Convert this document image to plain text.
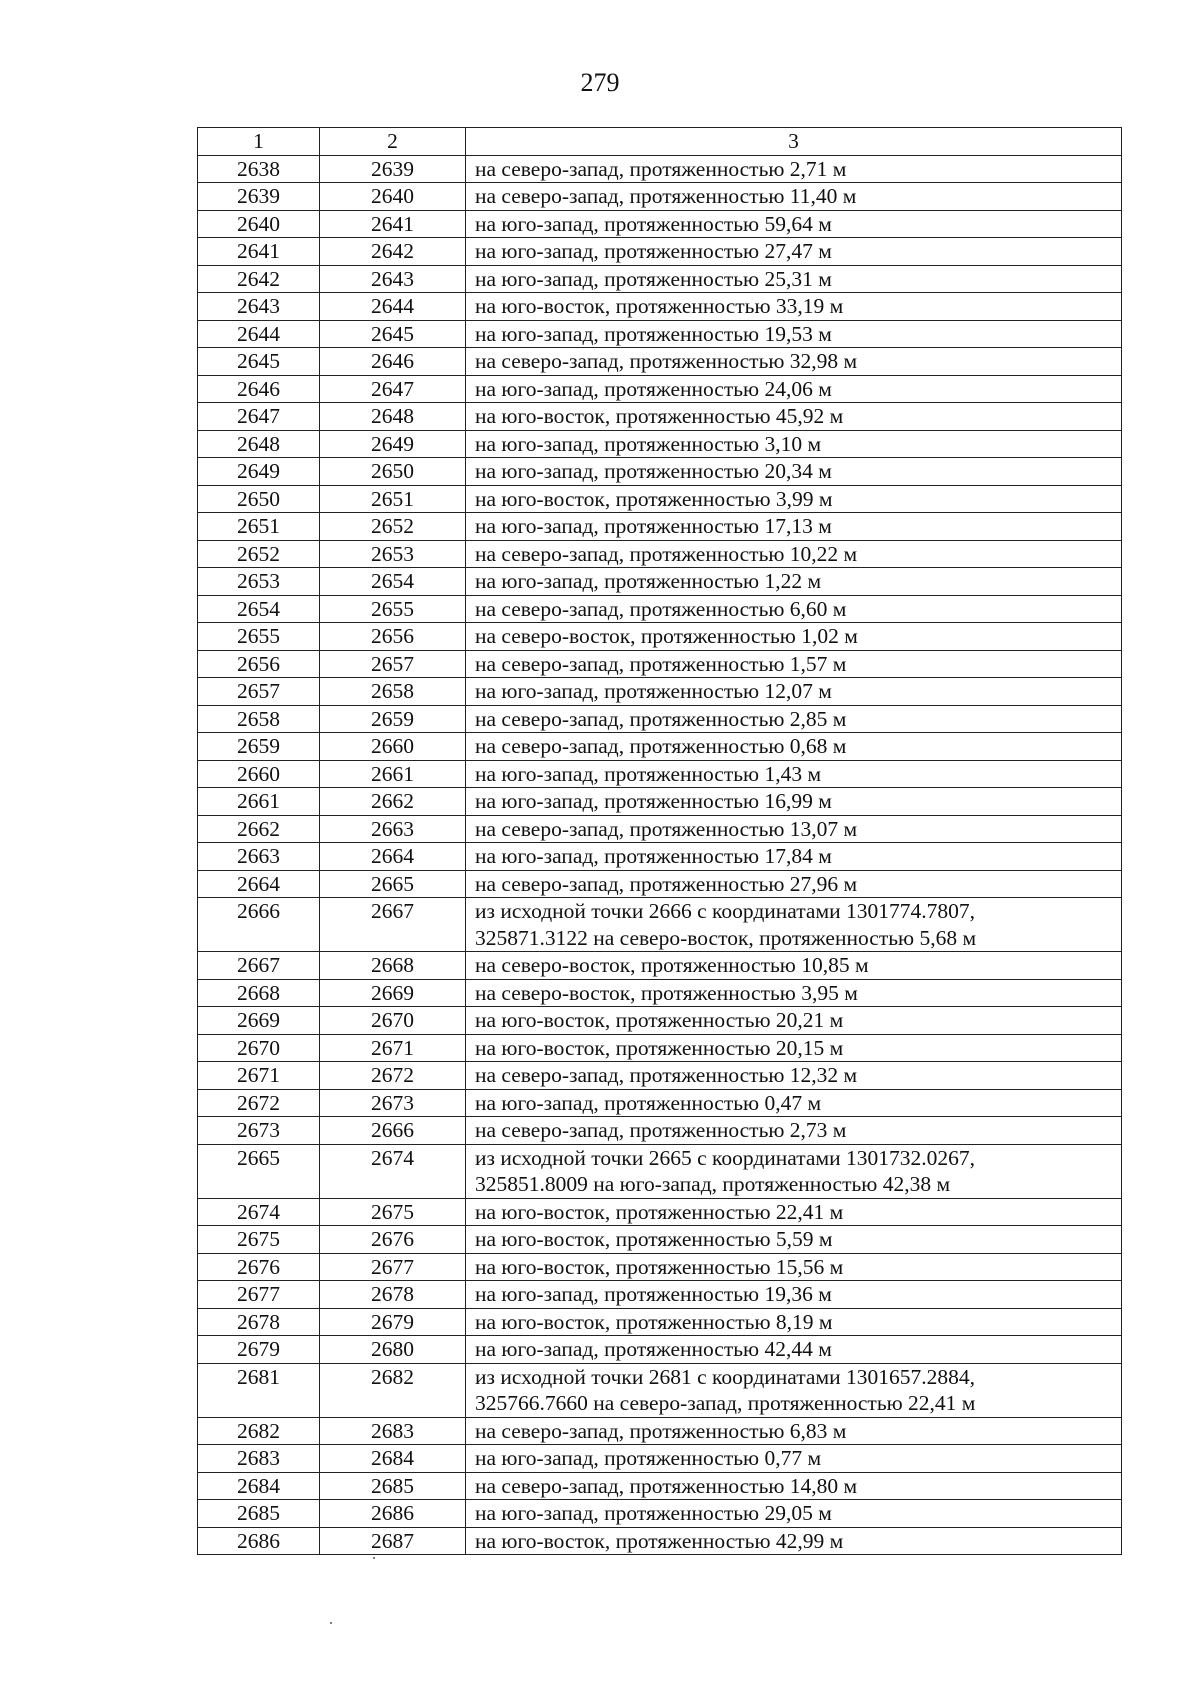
279
1	2	3
2638	2639	на северо-запад, протяженностью 2,71 м

2639	2640	на северо-запад, протяженностью 11,40 м

2640	2641	на юго-запад, протяженностью 59,64 м

2641	2642	на юго-запад, протяженностью 27,47 м

2642	2643	на юго-запад, протяженностью 25,31 м

2643	2644	на юго-восток, протяженностью 33,19 м

2644	2645	на юго-запад, протяженностью 19,53 м

2645	2646	на северо-запад, протяженностью 32,98 м

2646	2647	на юго-запад, протяженностью 24,06 м

2647	2648	на юго-восток, протяженностью 45,92 м

2648	2649	на юго-запад, протяженностью 3,10 м

2649	2650	на юго-запад, протяженностью 20,34 м

2650	2651	на юго-восток, протяженностью 3,99 м

2651	2652	на юго-запад, протяженностью 17,13 м

2652	2653	на северо-запад, протяженностью 10,22 м

2653	2654	на юго-запад, протяженностью 1,22 м

2654	2655	на северо-запад, протяженностью 6,60 м

2655	2656	на северо-восток, протяженностью 1,02 м

2656	2657	на северо-запад, протяженностью 1,57 м

2657	2658	на юго-запад, протяженностью 12,07 м

2658	2659	на северо-запад, протяженностью 2,85 м

2659	2660	на северо-запад, протяженностью 0,68 м

2660	2661	на юго-запад, протяженностью 1,43 м

2661	2662	на юго-запад, протяженностью 16,99 м

2662	2663	на северо-запад, протяженностью 13,07 м

2663	2664	на юго-запад, протяженностью 17,84 м

2664	2665	на северо-запад, протяженностью 27,96 м

2666	2667	из исходной точки 2666 с координатами 1301774.7807,
325871.3122 на северо-восток, протяженностью 5,68 м

2667	2668	на северо-восток, протяженностью 10,85 м

2668	2669	на северо-восток, протяженностью 3,95 м

2669	2670	на юго-восток, протяженностью 20,21 м

2670	2671	на юго-восток, протяженностью 20,15 м

2671	2672	на северо-запад, протяженностью 12,32 м

2672	2673	на юго-запад, протяженностью 0,47 м

2673	2666	на северо-запад, протяженностью 2,73 м

2665	2674	из исходной точки 2665 с координатами 1301732.0267,
325851.8009 на юго-запад, протяженностью 42,38 м

2674	2675	на юго-восток, протяженностью 22,41 м

2675	2676	на юго-восток, протяженностью 5,59 м

2676	2677	на юго-восток, протяженностью 15,56 м

2677	2678	на юго-запад, протяженностью 19,36 м

2678	2679	на юго-восток, протяженностью 8,19 м

2679	2680	на юго-запад, протяженностью 42,44 м

2681	2682	из исходной точки 2681 с координатами 1301657.2884,
325766.7660 на северо-запад, протяженностью 22,41 м

2682	2683	на северо-запад, протяженностью 6,83 м

2683	2684	на юго-запад, протяженностью 0,77 м

2684	2685	на северо-запад, протяженностью 14,80 м

2685	2686	на юго-запад, протяженностью 29,05 м

2686	2687	на юго-восток, протяженностью 42,99 м
